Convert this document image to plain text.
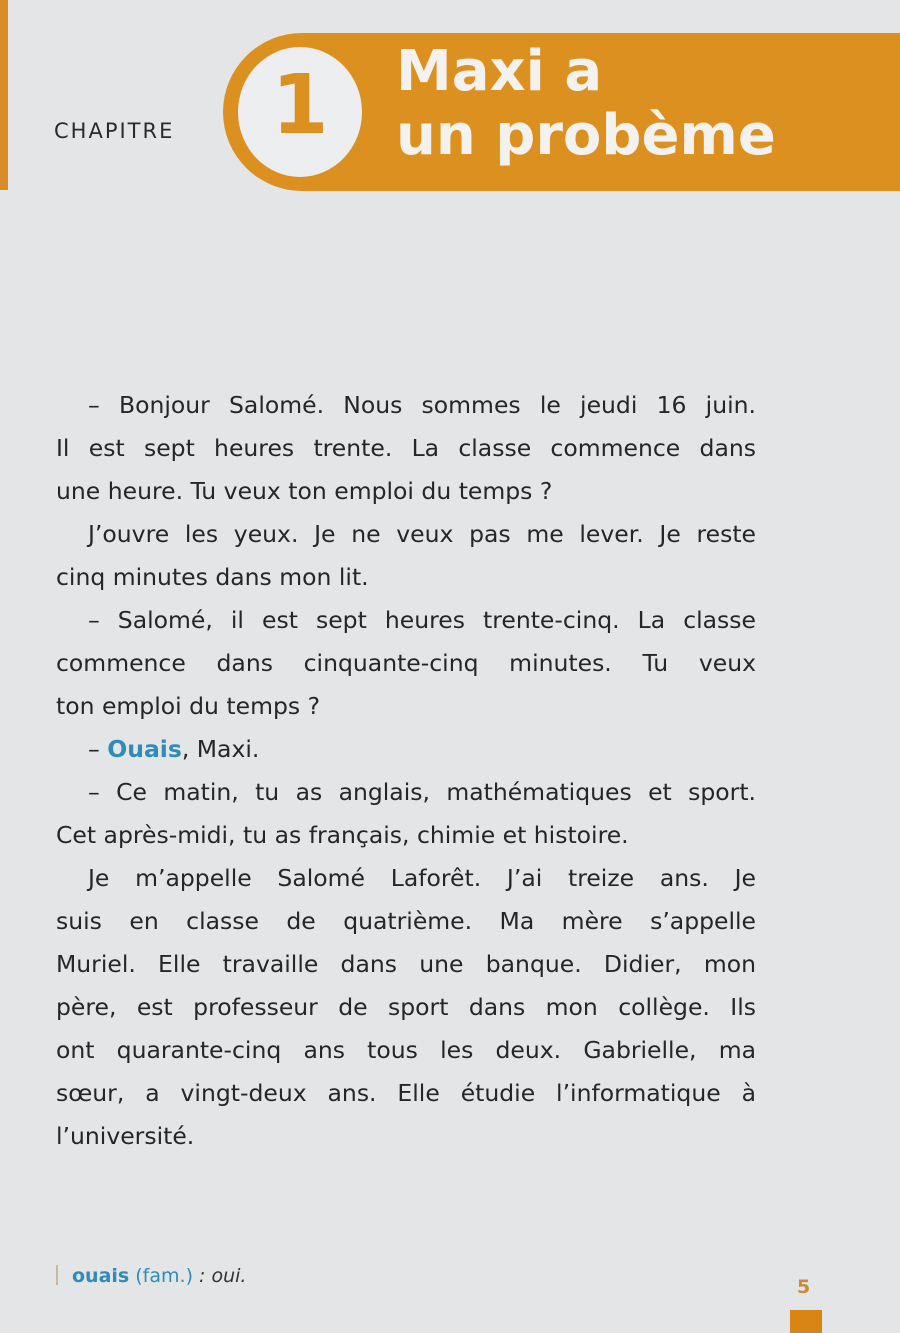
CHAPITRE	1	Maxi a
un probème
– Bonjour Salomé. Nous sommes le jeudi 16 juin.
Il est sept heures trente. La classe commence dans
une heure. Tu veux ton emploi du temps ?
J’ouvre les yeux. Je ne veux pas me lever. Je reste
cinq minutes dans mon lit.
– Salomé, il est sept heures trente-cinq. La classe
commence dans cinquante-cinq minutes. Tu veux
ton emploi du temps ?
– Ouais, Maxi.
– Ce matin, tu as anglais, mathématiques et sport.
Cet après-midi, tu as français, chimie et histoire.
Je m’appelle Salomé Laforêt. J’ai treize ans. Je
suis en classe de quatrième. Ma mère s’appelle
Muriel. Elle travaille dans une banque. Didier, mon
père, est professeur de sport dans mon collège. Ils
ont quarante-cinq ans tous les deux. Gabrielle, ma
sœur, a vingt-deux ans. Elle étudie l’informatique à
l’université.
ouais (fam.) : oui.	5
